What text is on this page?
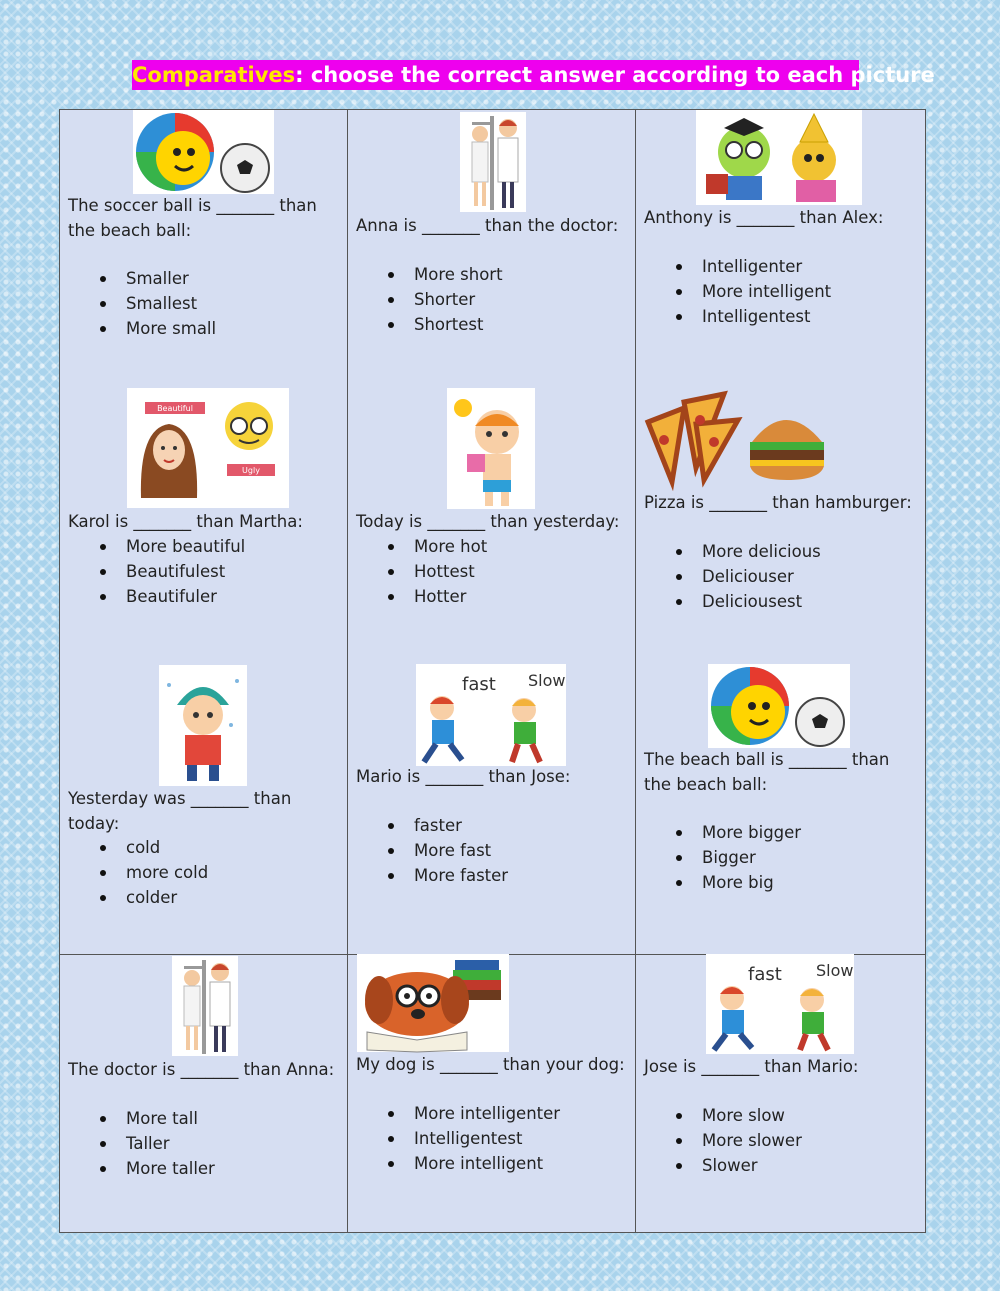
Comparatives: choose the correct answer according to each picture

The soccer ball is _______ than the beach ball:

Smaller
Smallest
More small

Anna is _______ than the doctor:

More short
Shorter
Shortest

Anthony is _______ than Alex:

Intelligenter
More intelligent
Intelligentest
Beautiful
Ugly

Karol is _______ than Martha:

More beautiful
Beautifulest
Beautifuler

Today is _______ than yesterday:

More hot
Hottest
Hotter

Pizza is _______ than hamburger:

More delicious
Deliciouser
Deliciousest

Yesterday was _______ than today:

cold
more cold
colder
fast Slow

Mario is _______ than Jose:

faster
More fast
More faster

The beach ball is _______ than the beach ball:

More bigger
Bigger
More big

The doctor is _______ than Anna:

More tall
Taller
More taller

My dog is _______ than your dog:

More intelligenter
Intelligentest
More intelligent
fast Slow

Jose is _______ than Mario:

More slow
More slower
Slower
